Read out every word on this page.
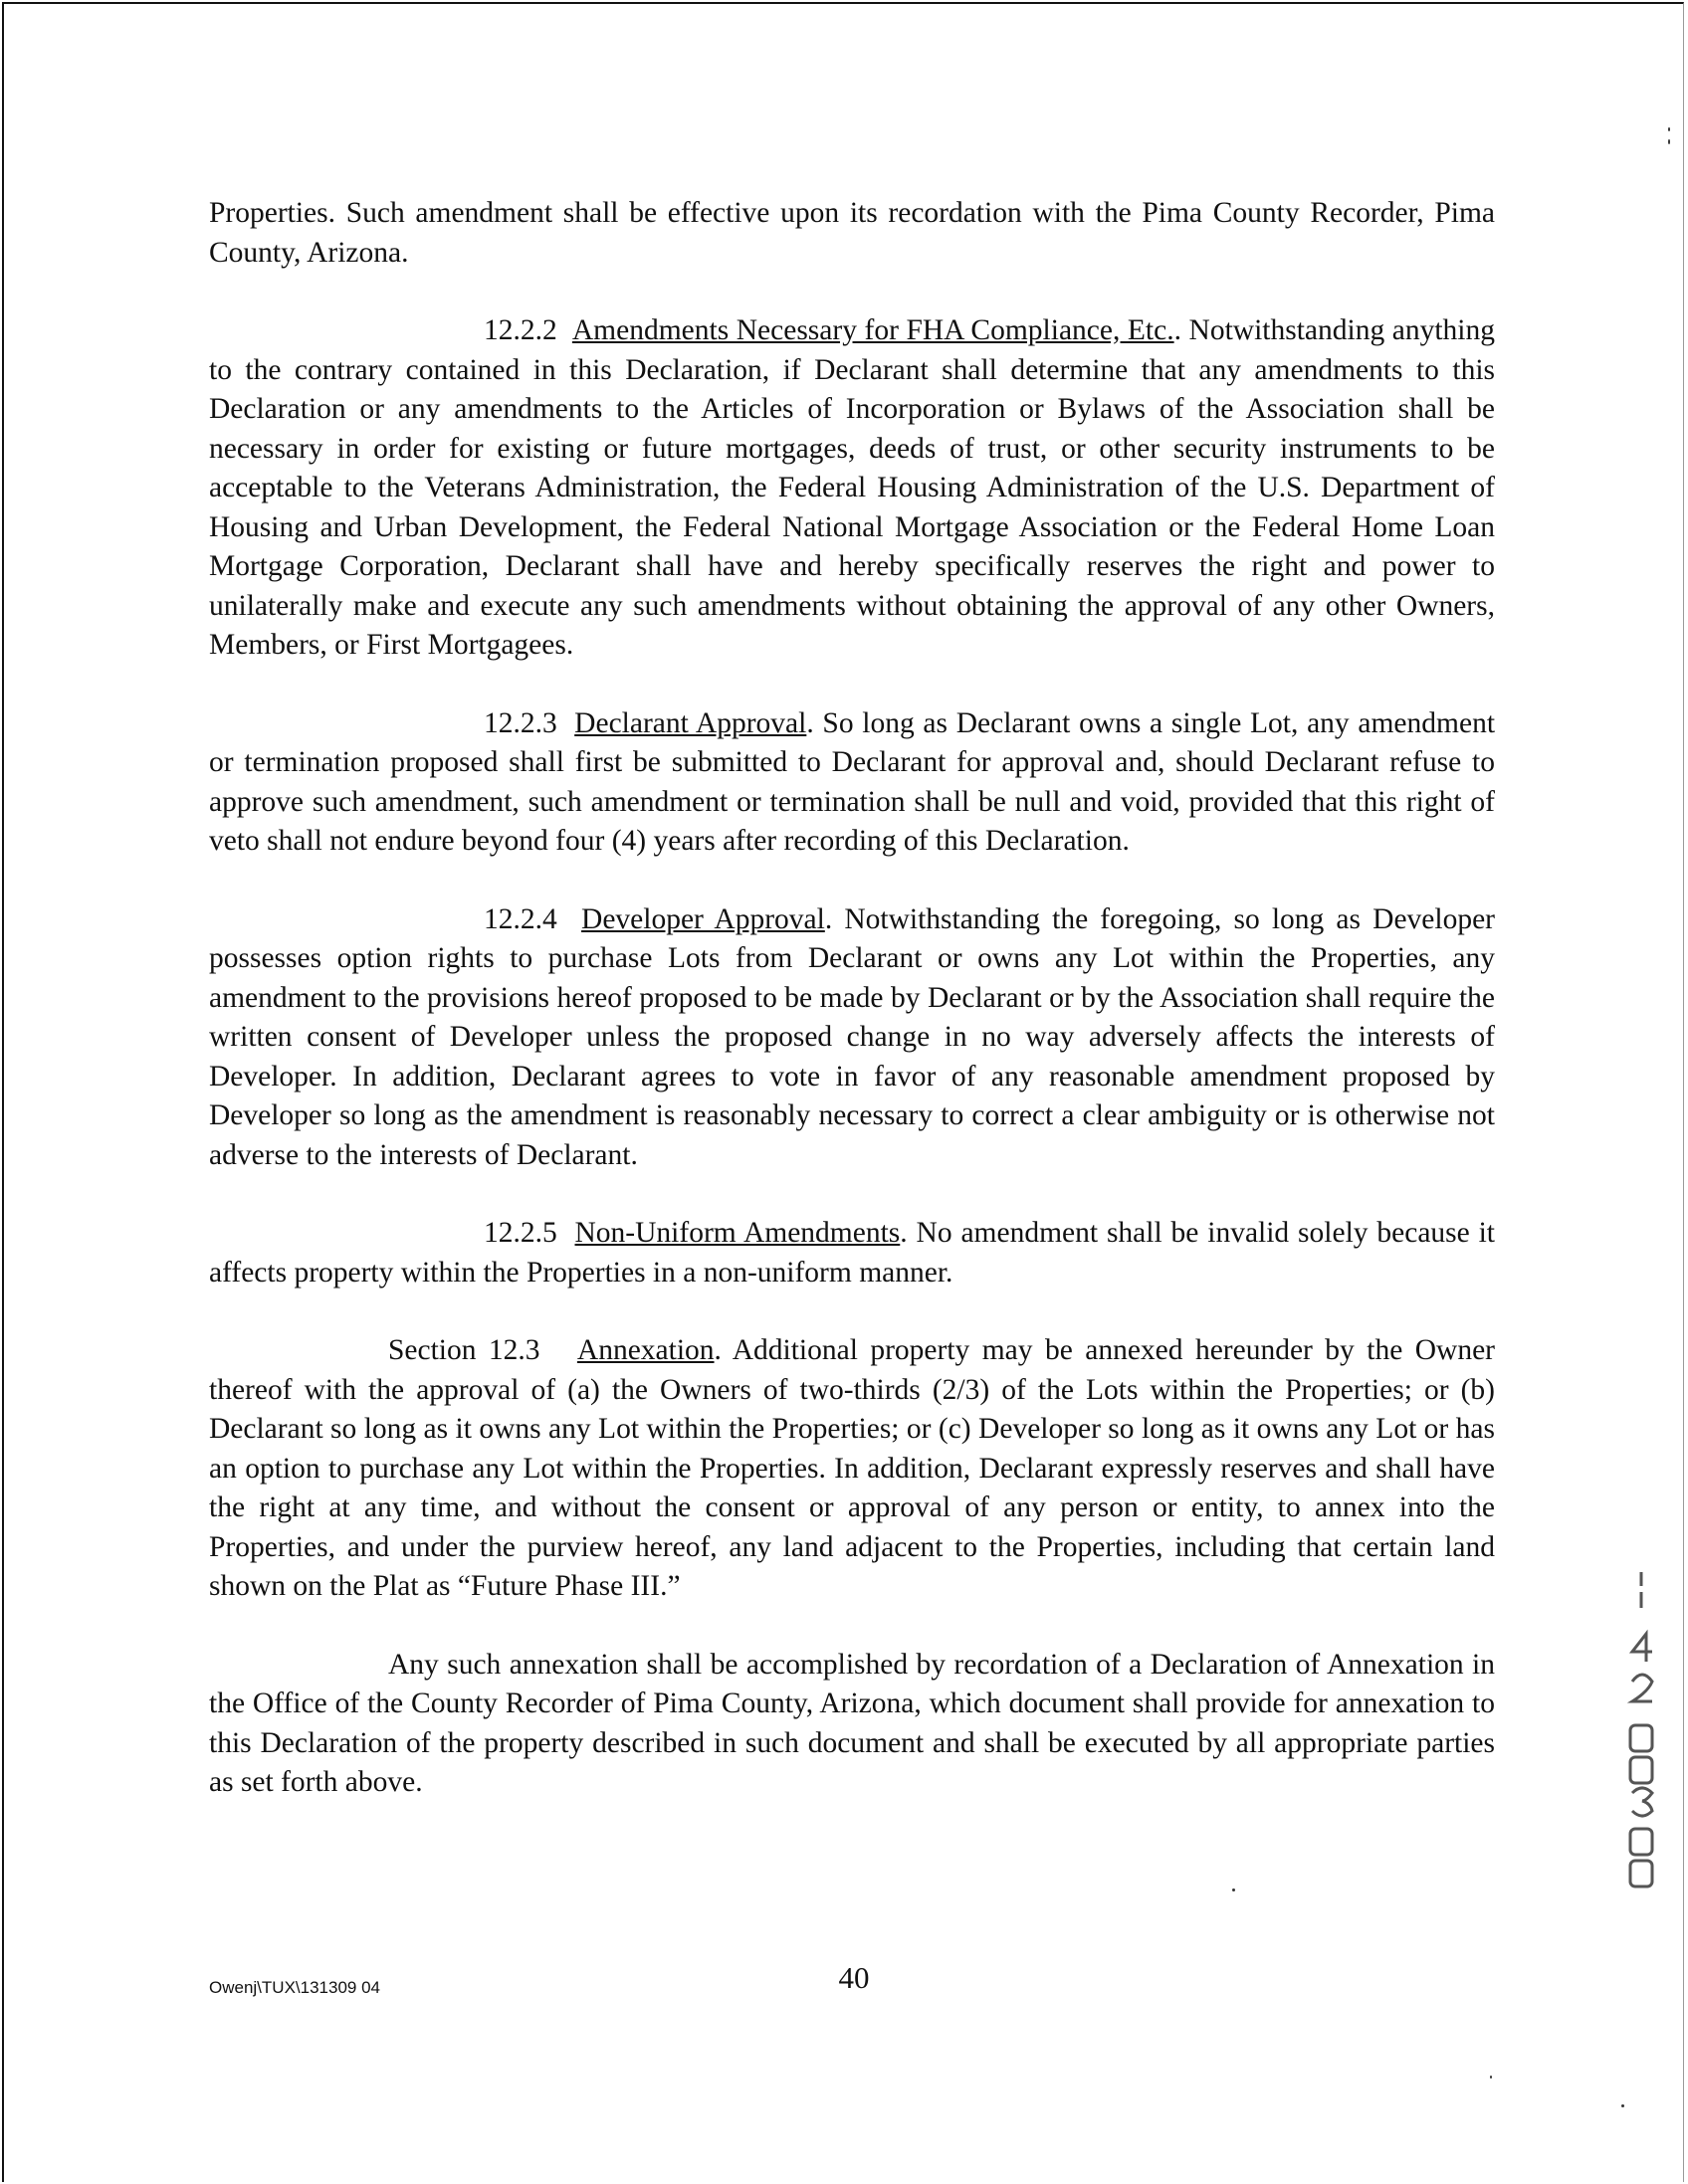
Properties. Such amendment shall be effective upon its recordation with the Pima County Recorder, Pima County, Arizona.

12.2.2 Amendments Necessary for FHA Compliance, Etc.. Notwithstanding anything to the contrary contained in this Declaration, if Declarant shall determine that any amendments to this Declaration or any amendments to the Articles of Incorporation or Bylaws of the Association shall be necessary in order for existing or future mortgages, deeds of trust, or other security instruments to be acceptable to the Veterans Administration, the Federal Housing Administration of the U.S. Department of Housing and Urban Development, the Federal National Mortgage Association or the Federal Home Loan Mortgage Corporation, Declarant shall have and hereby specifically reserves the right and power to unilaterally make and execute any such amendments without obtaining the approval of any other Owners, Members, or First Mortgagees.

12.2.3 Declarant Approval. So long as Declarant owns a single Lot, any amendment or termination proposed shall first be submitted to Declarant for approval and, should Declarant refuse to approve such amendment, such amendment or termination shall be null and void, provided that this right of veto shall not endure beyond four (4) years after recording of this Declaration.

12.2.4 Developer Approval. Notwithstanding the foregoing, so long as Developer possesses option rights to purchase Lots from Declarant or owns any Lot within the Properties, any amendment to the provisions hereof proposed to be made by Declarant or by the Association shall require the written consent of Developer unless the proposed change in no way adversely affects the interests of Developer. In addition, Declarant agrees to vote in favor of any reasonable amendment proposed by Developer so long as the amendment is reasonably necessary to correct a clear ambiguity or is otherwise not adverse to the interests of Declarant.

12.2.5 Non-Uniform Amendments. No amendment shall be invalid solely because it affects property within the Properties in a non-uniform manner.

Section 12.3 Annexation. Additional property may be annexed hereunder by the Owner thereof with the approval of (a) the Owners of two-thirds (2/3) of the Lots within the Properties; or (b) Declarant so long as it owns any Lot within the Properties; or (c) Developer so long as it owns any Lot or has an option to purchase any Lot within the Properties. In addition, Declarant expressly reserves and shall have the right at any time, and without the consent or approval of any person or entity, to annex into the Properties, and under the purview hereof, any land adjacent to the Properties, including that certain land shown on the Plat as “Future Phase III.”

Any such annexation shall be accomplished by recordation of a Declaration of Annexation in the Office of the County Recorder of Pima County, Arizona, which document shall provide for annexation to this Declaration of the property described in such document and shall be executed by all appropriate parties as set forth above.

Owenj\TUX\131309 04	40
